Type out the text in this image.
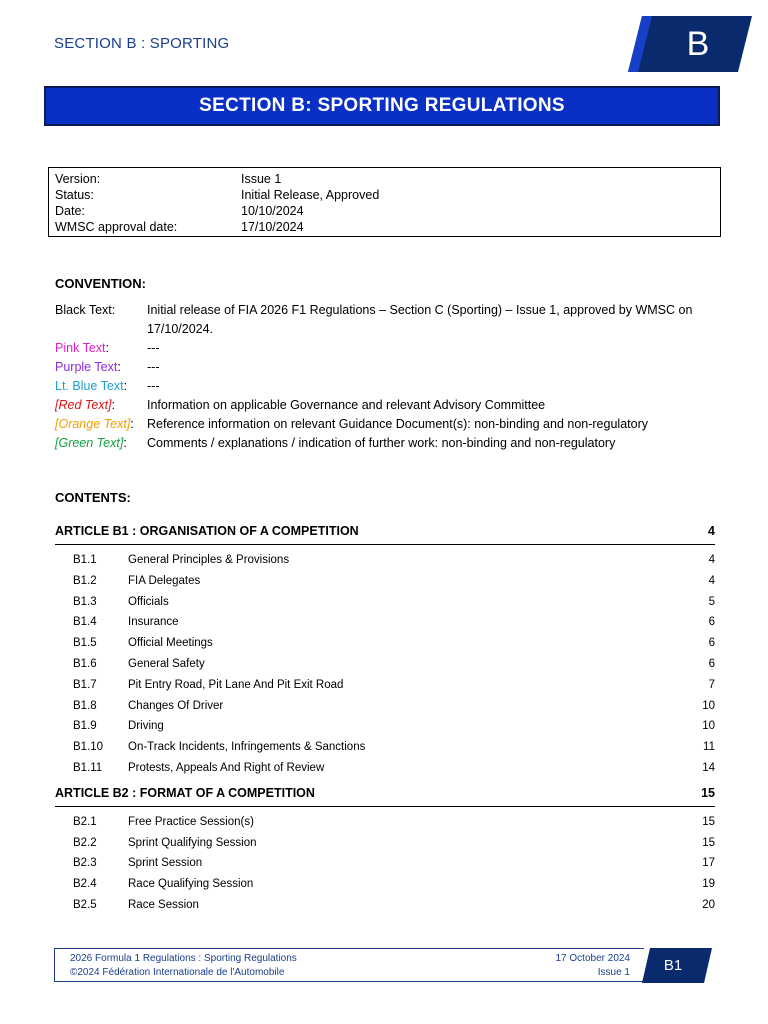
SECTION B : SPORTING	B
SECTION B: SPORTING REGULATIONS
Version:	Issue 1
Status:	Initial Release, Approved
Date:	10/10/2024
WMSC approval date:	17/10/2024
CONVENTION:
Black Text:	Initial release of FIA 2026 F1 Regulations – Section C (Sporting) – Issue 1, approved by WMSC on 17/10/2024.
Pink Text:	---
Purple Text:	---
Lt. Blue Text:	---
[Red Text]:	Information on applicable Governance and relevant Advisory Committee
[Orange Text]:	Reference information on relevant Guidance Document(s): non-binding and non-regulatory
[Green Text]:	Comments / explanations / indication of further work: non-binding and non-regulatory
CONTENTS:
ARTICLE B1 : ORGANISATION OF A COMPETITION	4
B1.1	General Principles & Provisions	4
B1.2	FIA Delegates	4
B1.3	Officials	5
B1.4	Insurance	6
B1.5	Official Meetings	6
B1.6	General Safety	6
B1.7	Pit Entry Road, Pit Lane And Pit Exit Road	7
B1.8	Changes Of Driver	10
B1.9	Driving	10
B1.10	On-Track Incidents, Infringements & Sanctions	11
B1.11	Protests, Appeals And Right of Review	14
ARTICLE B2 : FORMAT OF A COMPETITION	15
B2.1	Free Practice Session(s)	15
B2.2	Sprint Qualifying Session	15
B2.3	Sprint Session	17
B2.4	Race Qualifying Session	19
B2.5	Race Session	20
2026 Formula 1 Regulations : Sporting Regulations
©2024 Fédération Internationale de l'Automobile
17 October 2024
Issue 1	B1
